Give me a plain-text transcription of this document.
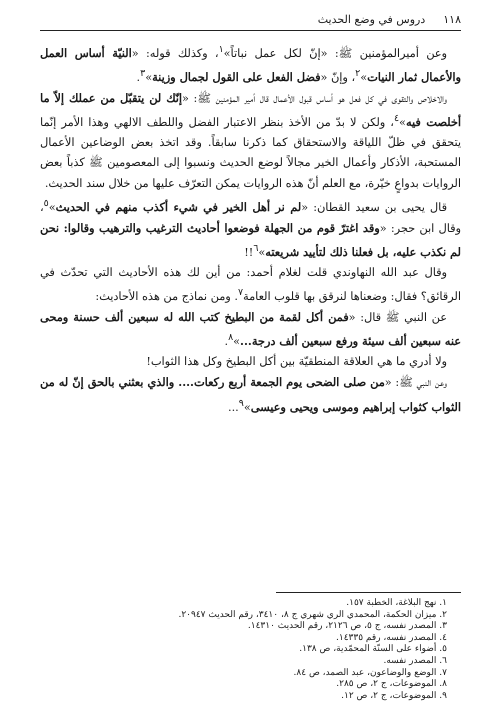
١١٨
دروس في وضع الحديث

وعن أميرالمؤمنين ﷺ: «إنّ لكل عمل نباتاً»$^١$، وكذلك قوله: «النيّة أساس العمل والأعمال ثمار النيات»$^٢$، وإنّ «فضل الفعل على القول لجمال وزينة»$^٣$.

والاخلاص والتقوى في كل فعل هو أساس قبول الأعمال قال أمير المؤمنين ﷺ: «إنّك لن يتقبّل من عملك إلاّ ما أخلصت فيه»$^٤$، ولكن لا بدّ من الأخذ بنظر الاعتبار الفضل واللطف الالهي وهذا الأمر إنّما يتحقق في ظلّ اللياقة والاستحقاق كما ذكرنا سابقاً. وقد اتخذ بعض الوضاعين الأعمال المستحبة، الأذكار وأعمال الخير مجالاً لوضع الحديث ونسبوا إلى المعصومين ﷺ كذباً بعض الروايات بدواعٍ خيّرة، مع العلم أنّ هذه الروايات يمكن التعرّف عليها من خلال سند الحديث.

قال يحيى بن سعيد القطان: «لم نر أهل الخير في شيء أكذب منهم في الحديث»$^٥$، وقال ابن حجر: «وقد اغترّ قوم من الجهلة فوضعوا أحاديث الترغيب والترهيب وقالوا: نحن لم نكذب عليه، بل فعلنا ذلك لتأييد شريعته»$^٦$!!

وقال عبد الله النهاوندي قلت لغلام أحمد: من أين لك هذه الأحاديث التي تحدّث في الرقائق؟ فقال: وضعناها لنرقق بها قلوب العامة$^٧$. ومن نماذج من هذه الأحاديث:

عن النبي ﷺ قال: «فمن أكل لقمة من البطيخ كتب الله له سبعين ألف حسنة ومحى عنه سبعين ألف سيئة ورفع سبعين ألف درجة...»$^٨$.

ولا أدري ما هي العلاقة المنطقيّة بين أكل البطيخ وكل هذا الثواب!

وعن النبي ﷺ: «من صلى الضحى يوم الجمعة أربع ركعات.... والذي بعثني بالحق إنّ له من الثواب كثواب إبراهيم وموسى ويحيى وعيسى»$^٩$...

١. نهج البلاغة، الخطبة ١٥٧.
٢. ميزان الحكمة، المحمدي الري شهري ج ٨، ٣٤١٠، رقم الحديث ٢٠٩٤٧.
٣. المصدر نفسه، ج ٥، ص ٢١٢٦، رقم الحديث ١٤٣١٠.
٤. المصدر نفسه، رقم ١٤٣٣٥.
٥. أضواء على السنّة المحمّدية، ص ١٣٨.
٦. المصدر نفسه.
٧. الوضع والوضاعون، عبد الصمد، ص ٨٤.
٨. الموضوعات، ج ٢، ص ٢٨٥.
٩. الموضوعات، ج ٢، ص ١٢.
